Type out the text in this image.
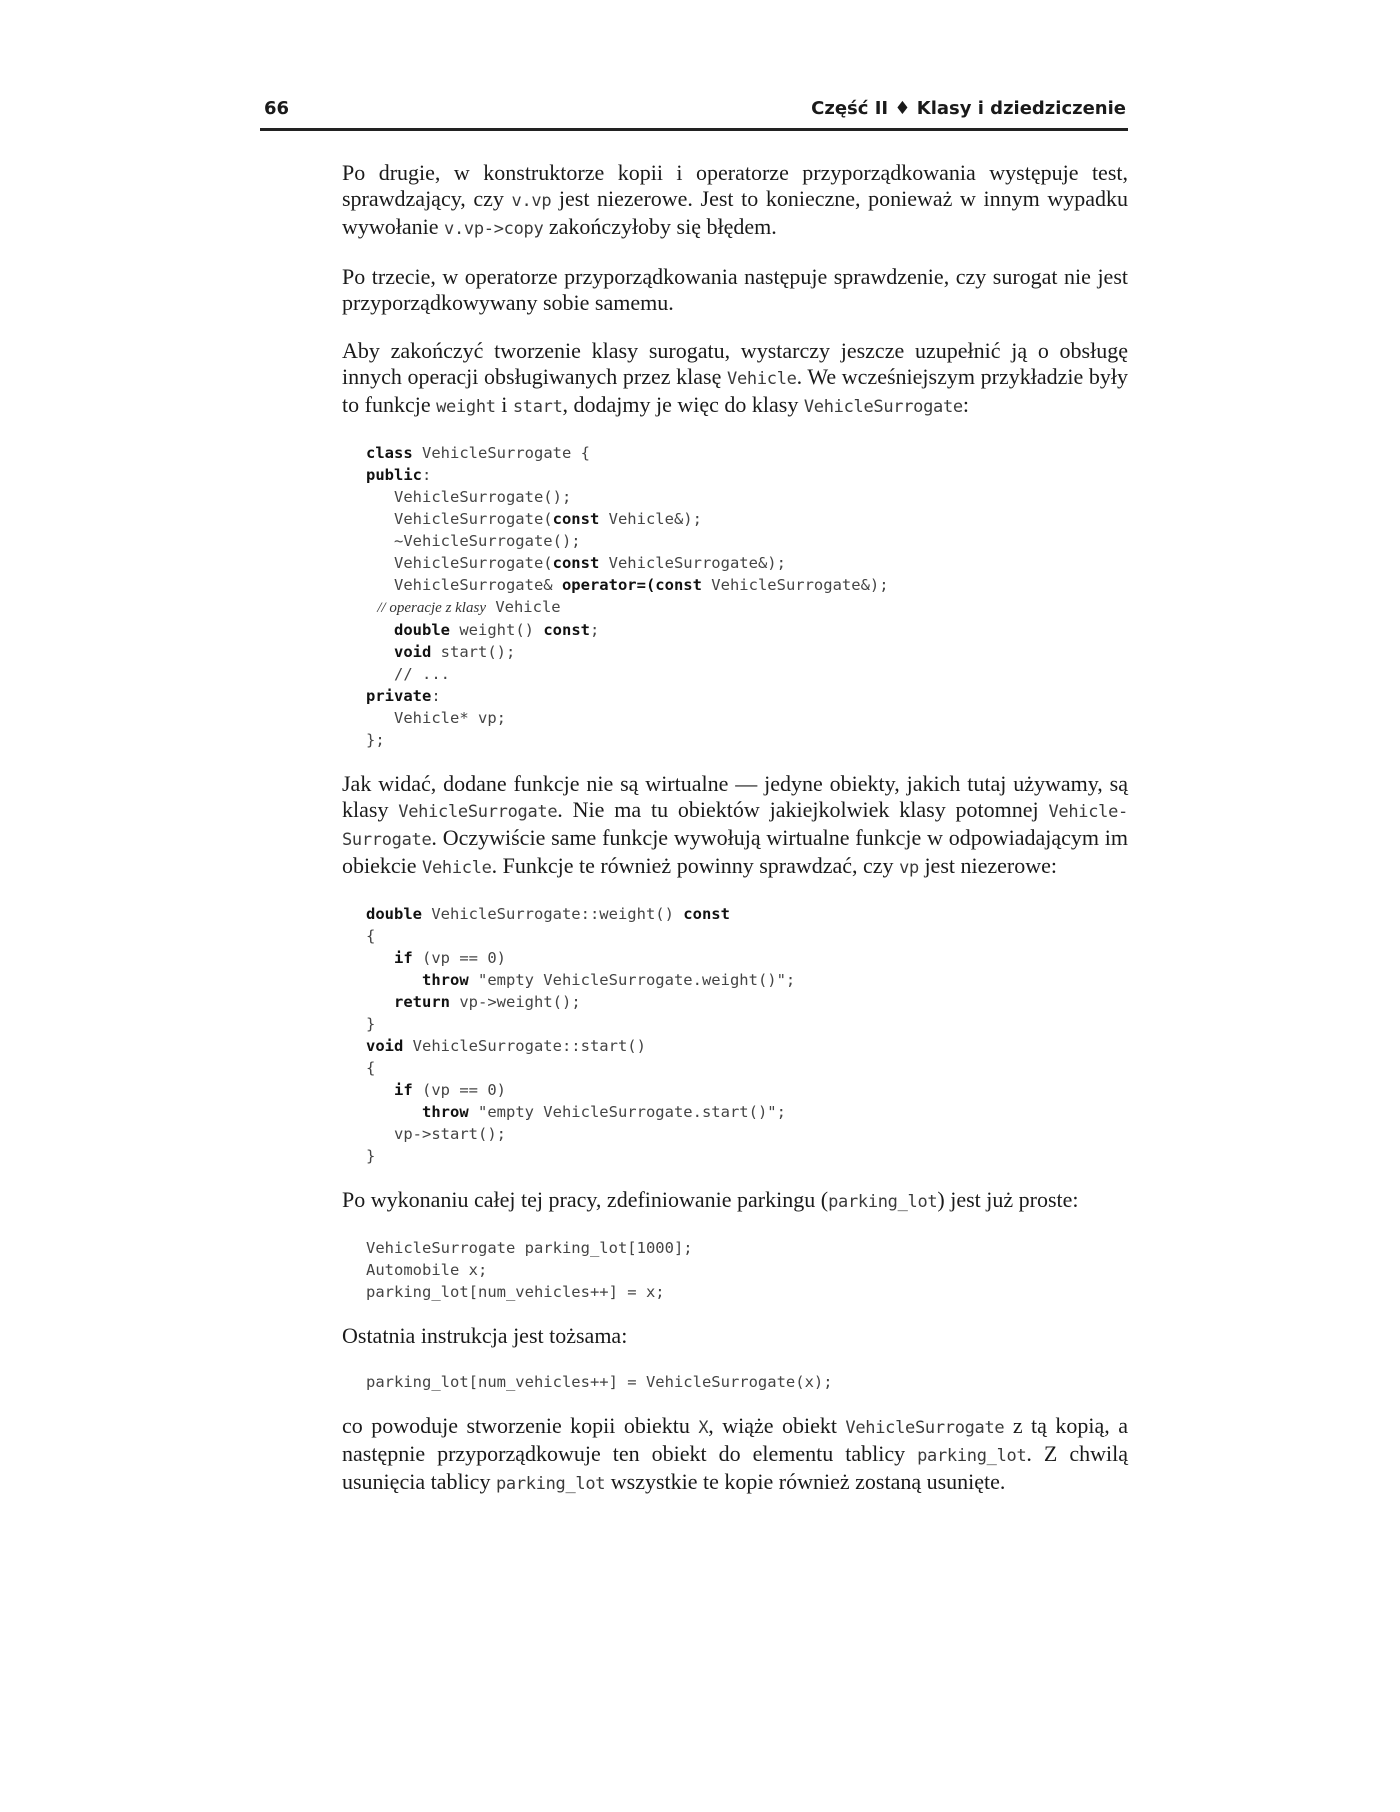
66	Część II ♦ Klasy i dziedziczenie

Po drugie, w konstruktorze kopii i operatorze przyporządkowania występuje test, sprawdzający, czy v.vp jest niezerowe. Jest to konieczne, ponieważ w innym wypadku wywołanie v.vp->copy zakończyłoby się błędem.

Po trzecie, w operatorze przyporządkowania następuje sprawdzenie, czy surogat nie jest przyporządkowywany sobie samemu.

Aby zakończyć tworzenie klasy surogatu, wystarczy jeszcze uzupełnić ją o obsługę innych operacji obsługiwanych przez klasę Vehicle. We wcześniejszym przykładzie były to funkcje weight i start, dodajmy je więc do klasy VehicleSurrogate:

class VehicleSurrogate {
public:
VehicleSurrogate();
VehicleSurrogate(const Vehicle&);
~VehicleSurrogate();
VehicleSurrogate(const VehicleSurrogate&);
VehicleSurrogate& operator=(const VehicleSurrogate&);
// operacje z klasy Vehicle
double weight() const;
void start();
// ...
private:
Vehicle* vp;
};

Jak widać, dodane funkcje nie są wirtualne — jedyne obiekty, jakich tutaj używamy, są klasy VehicleSurrogate. Nie ma tu obiektów jakiejkolwiek klasy potomnej Vehicle-Surrogate. Oczywiście same funkcje wywołują wirtualne funkcje w odpowiadającym im obiekcie Vehicle. Funkcje te również powinny sprawdzać, czy vp jest niezerowe:

double VehicleSurrogate::weight() const
{
if (vp == 0)
throw "empty VehicleSurrogate.weight()";
return vp->weight();
}
void VehicleSurrogate::start()
{
if (vp == 0)
throw "empty VehicleSurrogate.start()";
vp->start();
}

Po wykonaniu całej tej pracy, zdefiniowanie parkingu (parking_lot) jest już proste:

VehicleSurrogate parking_lot[1000];
Automobile x;
parking_lot[num_vehicles++] = x;

Ostatnia instrukcja jest tożsama:

parking_lot[num_vehicles++] = VehicleSurrogate(x);

co powoduje stworzenie kopii obiektu X, wiąże obiekt VehicleSurrogate z tą kopią, a następnie przyporządkowuje ten obiekt do elementu tablicy parking_lot. Z chwilą usunięcia tablicy parking_lot wszystkie te kopie również zostaną usunięte.
